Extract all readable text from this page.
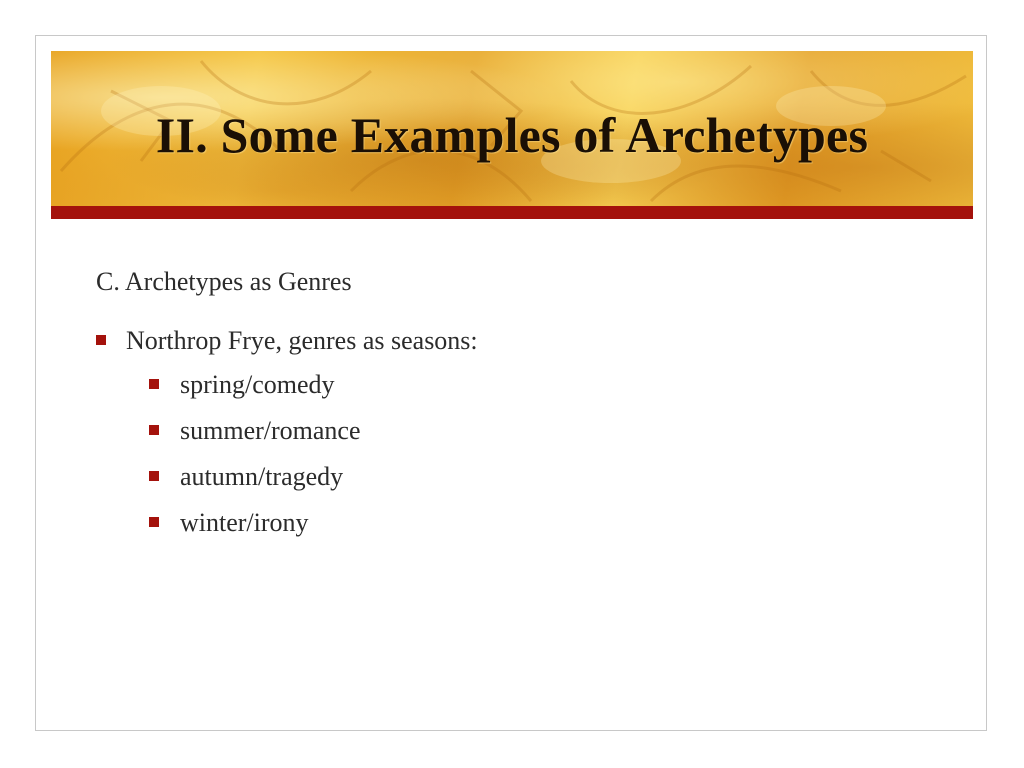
II. Some Examples of Archetypes
C. Archetypes as Genres
Northrop Frye, genres as seasons:
spring/comedy
summer/romance
autumn/tragedy
winter/irony
